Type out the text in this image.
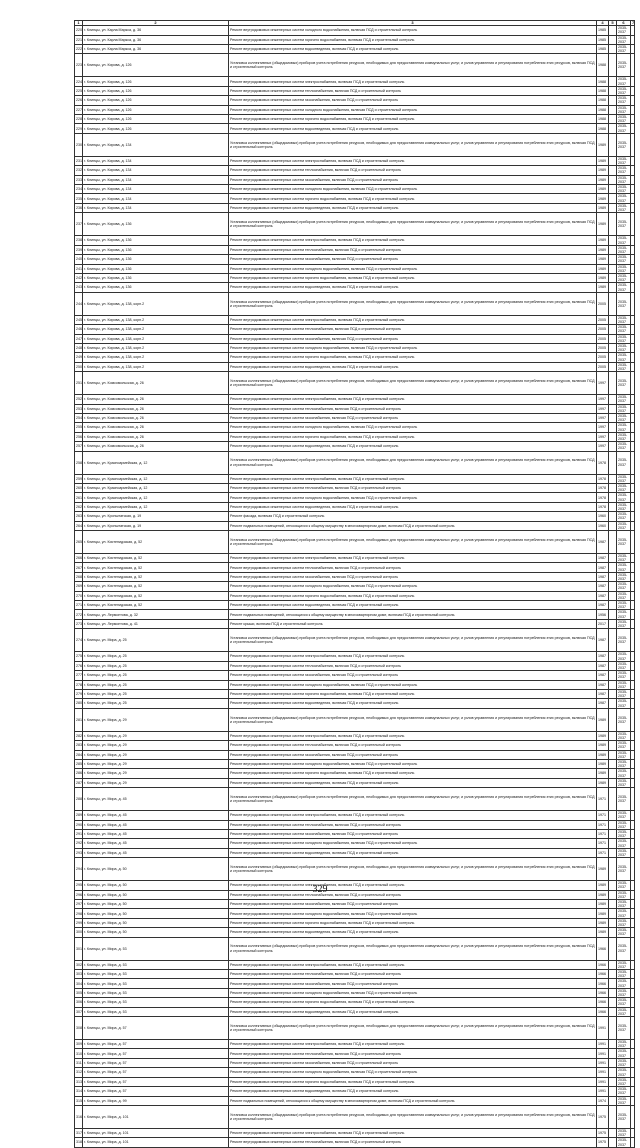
1	2	3	4	5	6	7
220	г. Клинцы, ул. Карла Маркса, д. 36	Ремонт внутридомовых инженерных систем холодного водоснабжения, включая ПСД и строительный контроль	1985		2035-2037	
221	г. Клинцы, ул. Карла Маркса, д. 36	Ремонт внутридомовых инженерных систем горячего водоснабжения, включая ПСД и строительный контроль	1985		2035-2037	
222	г. Клинцы, ул. Карла Маркса, д. 36	Ремонт внутридомовых инженерных систем водоотведения, включая ПСД и строительный контроль	1985		2035-2037	
223	г. Клинцы, ул. Кирова, д. 126	Установка коллективных (общедомовых) приборов учета потребления ресурсов, необходимых для предоставления коммунальных услуг, и узлов управления и регулирования потребления этих ресурсов, включая ПСД и строительный контроль	1988		2035-2037	
224	г. Клинцы, ул. Кирова, д. 126	Ремонт внутридомовых инженерных систем электроснабжения, включая ПСД и строительный контроль	1988		2035-2037	
225	г. Клинцы, ул. Кирова, д. 126	Ремонт внутридомовых инженерных систем теплоснабжения, включая ПСД и строительный контроль	1988		2035-2037	
226	г. Клинцы, ул. Кирова, д. 126	Ремонт внутридомовых инженерных систем газоснабжения, включая ПСД и строительный контроль	1988		2035-2037	
227	г. Клинцы, ул. Кирова, д. 126	Ремонт внутридомовых инженерных систем холодного водоснабжения, включая ПСД и строительный контроль	1988		2035-2037	
228	г. Клинцы, ул. Кирова, д. 126	Ремонт внутридомовых инженерных систем горячего водоснабжения, включая ПСД и строительный контроль	1988		2035-2037	
229	г. Клинцы, ул. Кирова, д. 126	Ремонт внутридомовых инженерных систем водоотведения, включая ПСД и строительный контроль	1988		2035-2037	
230	г. Клинцы, ул. Кирова, д. 134	Установка коллективных (общедомовых) приборов учета потребления ресурсов, необходимых для предоставления коммунальных услуг, и узлов управления и регулирования потребления этих ресурсов, включая ПСД и строительный контроль	1989		2035-2037	
231	г. Клинцы, ул. Кирова, д. 134	Ремонт внутридомовых инженерных систем электроснабжения, включая ПСД и строительный контроль	1989		2035-2037	
232	г. Клинцы, ул. Кирова, д. 134	Ремонт внутридомовых инженерных систем теплоснабжения, включая ПСД и строительный контроль	1989		2035-2037	
233	г. Клинцы, ул. Кирова, д. 134	Ремонт внутридомовых инженерных систем газоснабжения, включая ПСД и строительный контроль	1989		2035-2037	
234	г. Клинцы, ул. Кирова, д. 134	Ремонт внутридомовых инженерных систем холодного водоснабжения, включая ПСД и строительный контроль	1989		2035-2037	
235	г. Клинцы, ул. Кирова, д. 134	Ремонт внутридомовых инженерных систем горячего водоснабжения, включая ПСД и строительный контроль	1989		2035-2037	
236	г. Клинцы, ул. Кирова, д. 134	Ремонт внутридомовых инженерных систем водоотведения, включая ПСД и строительный контроль	1989		2035-2037	
237	г. Клинцы, ул. Кирова, д. 136	Установка коллективных (общедомовых) приборов учета потребления ресурсов, необходимых для предоставления коммунальных услуг, и узлов управления и регулирования потребления этих ресурсов, включая ПСД и строительный контроль	1989		2035-2037	
238	г. Клинцы, ул. Кирова, д. 136	Ремонт внутридомовых инженерных систем электроснабжения, включая ПСД и строительный контроль	1989		2035-2037	
239	г. Клинцы, ул. Кирова, д. 136	Ремонт внутридомовых инженерных систем теплоснабжения, включая ПСД и строительный контроль	1989		2035-2037	
240	г. Клинцы, ул. Кирова, д. 136	Ремонт внутридомовых инженерных систем газоснабжения, включая ПСД и строительный контроль	1989		2035-2037	
241	г. Клинцы, ул. Кирова, д. 136	Ремонт внутридомовых инженерных систем холодного водоснабжения, включая ПСД и строительный контроль	1989		2035-2037	
242	г. Клинцы, ул. Кирова, д. 136	Ремонт внутридомовых инженерных систем горячего водоснабжения, включая ПСД и строительный контроль	1989		2035-2037	
243	г. Клинцы, ул. Кирова, д. 136	Ремонт внутридомовых инженерных систем водоотведения, включая ПСД и строительный контроль	1989		2035-2037	
244	г. Клинцы, ул. Кирова, д. 138, корп.2	Установка коллективных (общедомовых) приборов учета потребления ресурсов, необходимых для предоставления коммунальных услуг, и узлов управления и регулирования потребления этих ресурсов, включая ПСД и строительный контроль	2005		2035-2037	
245	г. Клинцы, ул. Кирова, д. 138, корп.2	Ремонт внутридомовых инженерных систем электроснабжения, включая ПСД и строительный контроль	2005		2035-2037	
246	г. Клинцы, ул. Кирова, д. 138, корп.2	Ремонт внутридомовых инженерных систем теплоснабжения, включая ПСД и строительный контроль	2005		2035-2037	
247	г. Клинцы, ул. Кирова, д. 138, корп.2	Ремонт внутридомовых инженерных систем газоснабжения, включая ПСД и строительный контроль	2005		2035-2037	
248	г. Клинцы, ул. Кирова, д. 138, корп.2	Ремонт внутридомовых инженерных систем холодного водоснабжения, включая ПСД и строительный контроль	2005		2035-2037	
249	г. Клинцы, ул. Кирова, д. 138, корп.2	Ремонт внутридомовых инженерных систем горячего водоснабжения, включая ПСД и строительный контроль	2005		2035-2037	
250	г. Клинцы, ул. Кирова, д. 138, корп.2	Ремонт внутридомовых инженерных систем водоотведения, включая ПСД и строительный контроль	2005		2035-2037	
251	г. Клинцы, ул. Комсомольская, д. 26	Установка коллективных (общедомовых) приборов учета потребления ресурсов, необходимых для предоставления коммунальных услуг, и узлов управления и регулирования потребления этих ресурсов, включая ПСД и строительный контроль	1997		2035-2037	
252	г. Клинцы, ул. Комсомольская, д. 26	Ремонт внутридомовых инженерных систем электроснабжения, включая ПСД и строительный контроль	1997		2035-2037	
253	г. Клинцы, ул. Комсомольская, д. 26	Ремонт внутридомовых инженерных систем теплоснабжения, включая ПСД и строительный контроль	1997		2035-2037	
254	г. Клинцы, ул. Комсомольская, д. 26	Ремонт внутридомовых инженерных систем газоснабжения, включая ПСД и строительный контроль	1997		2035-2037	
255	г. Клинцы, ул. Комсомольская, д. 26	Ремонт внутридомовых инженерных систем холодного водоснабжения, включая ПСД и строительный контроль	1997		2035-2037	
256	г. Клинцы, ул. Комсомольская, д. 26	Ремонт внутридомовых инженерных систем горячего водоснабжения, включая ПСД и строительный контроль	1997		2035-2037	
257	г. Клинцы, ул. Комсомольская, д. 26	Ремонт внутридомовых инженерных систем водоотведения, включая ПСД и строительный контроль	1997		2035-2037	
258	г. Клинцы, ул. Красноармейская, д. 12	Установка коллективных (общедомовых) приборов учета потребления ресурсов, необходимых для предоставления коммунальных услуг, и узлов управления и регулирования потребления этих ресурсов, включая ПСД и строительный контроль	1978		2035-2037	
259	г. Клинцы, ул. Красноармейская, д. 12	Ремонт внутридомовых инженерных систем электроснабжения, включая ПСД и строительный контроль	1978		2035-2037	
260	г. Клинцы, ул. Красноармейская, д. 12	Ремонт внутридомовых инженерных систем теплоснабжения, включая ПСД и строительный контроль	1978		2035-2037	
261	г. Клинцы, ул. Красноармейская, д. 12	Ремонт внутридомовых инженерных систем холодного водоснабжения, включая ПСД и строительный контроль	1978		2035-2037	
262	г. Клинцы, ул. Красноармейская, д. 12	Ремонт внутридомовых инженерных систем водоотведения, включая ПСД и строительный контроль	1978		2035-2037	
263	г. Клинцы, ул. Кронштатская, д. 19	Ремонт фасада, включая ПСД и строительный контроль	1960		2035-2037	
264	г. Клинцы, ул. Кронштатская, д. 19	Ремонт подвальных помещений, относящихся к общему имуществу в многоквартирном доме, включая ПСД и строительный контроль	1960		2035-2037	
265	г. Клинцы, ул. Кистенидзская, д. 52	Установка коллективных (общедомовых) приборов учета потребления ресурсов, необходимых для предоставления коммунальных услуг, и узлов управления и регулирования потребления этих ресурсов, включая ПСД и строительный контроль	1987		2035-2037	
266	г. Клинцы, ул. Кистенидзская, д. 52	Ремонт внутридомовых инженерных систем электроснабжения, включая ПСД и строительный контроль	1987		2035-2037	
267	г. Клинцы, ул. Кистенидзская, д. 52	Ремонт внутридомовых инженерных систем теплоснабжения, включая ПСД и строительный контроль	1987		2035-2037	
268	г. Клинцы, ул. Кистенидзская, д. 52	Ремонт внутридомовых инженерных систем газоснабжения, включая ПСД и строительный контроль	1987		2035-2037	
269	г. Клинцы, ул. Кистенидзская, д. 52	Ремонт внутридомовых инженерных систем холодного водоснабжения, включая ПСД и строительный контроль	1987		2035-2037	
270	г. Клинцы, ул. Кистенидзская, д. 52	Ремонт внутридомовых инженерных систем горячего водоснабжения, включая ПСД и строительный контроль	1987		2035-2037	
271	г. Клинцы, ул. Кистенидзская, д. 52	Ремонт внутридомовых инженерных систем водоотведения, включая ПСД и строительный контроль	1987		2035-2037	
272	г. Клинцы, ул. Лермонтова, д. 32	Ремонт подвальных помещений, относящихся к общему имуществу в многоквартирном доме, включая ПСД и строительный контроль	1956		2035-2037	
273	г. Клинцы, ул. Лермонтова, д. 41	Ремонт крыши, включая ПСД и строительный контроль	2017		2035-2037	
274	г. Клинцы, ул. Мира, д. 25	Установка коллективных (общедомовых) приборов учета потребления ресурсов, необходимых для предоставления коммунальных услуг, и узлов управления и регулирования потребления этих ресурсов, включая ПСД и строительный контроль	1987		2035-2037	
275	г. Клинцы, ул. Мира, д. 25	Ремонт внутридомовых инженерных систем электроснабжения, включая ПСД и строительный контроль	1987		2035-2037	
276	г. Клинцы, ул. Мира, д. 25	Ремонт внутридомовых инженерных систем теплоснабжения, включая ПСД и строительный контроль	1987		2035-2037	
277	г. Клинцы, ул. Мира, д. 25	Ремонт внутридомовых инженерных систем газоснабжения, включая ПСД и строительный контроль	1987		2035-2037	
278	г. Клинцы, ул. Мира, д. 25	Ремонт внутридомовых инженерных систем холодного водоснабжения, включая ПСД и строительный контроль	1987		2035-2037	
279	г. Клинцы, ул. Мира, д. 25	Ремонт внутридомовых инженерных систем горячего водоснабжения, включая ПСД и строительный контроль	1987		2035-2037	
280	г. Клинцы, ул. Мира, д. 25	Ремонт внутридомовых инженерных систем водоотведения, включая ПСД и строительный контроль	1987		2035-2037	
281	г. Клинцы, ул. Мира, д. 29	Установка коллективных (общедомовых) приборов учета потребления ресурсов, необходимых для предоставления коммунальных услуг, и узлов управления и регулирования потребления этих ресурсов, включая ПСД и строительный контроль	1989		2035-2037	
282	г. Клинцы, ул. Мира, д. 29	Ремонт внутридомовых инженерных систем электроснабжения, включая ПСД и строительный контроль	1989		2035-2037	
283	г. Клинцы, ул. Мира, д. 29	Ремонт внутридомовых инженерных систем теплоснабжения, включая ПСД и строительный контроль	1989		2035-2037	
284	г. Клинцы, ул. Мира, д. 29	Ремонт внутридомовых инженерных систем газоснабжения, включая ПСД и строительный контроль	1989		2035-2037	
285	г. Клинцы, ул. Мира, д. 29	Ремонт внутридомовых инженерных систем холодного водоснабжения, включая ПСД и строительный контроль	1989		2035-2037	
286	г. Клинцы, ул. Мира, д. 29	Ремонт внутридомовых инженерных систем горячего водоснабжения, включая ПСД и строительный контроль	1989		2035-2037	
287	г. Клинцы, ул. Мира, д. 29	Ремонт внутридомовых инженерных систем водоотведения, включая ПСД и строительный контроль	1989		2035-2037	
288	г. Клинцы, ул. Мира, д. 45	Установка коллективных (общедомовых) приборов учета потребления ресурсов, необходимых для предоставления коммунальных услуг, и узлов управления и регулирования потребления этих ресурсов, включая ПСД и строительный контроль	1971		2035-2037	
289	г. Клинцы, ул. Мира, д. 45	Ремонт внутридомовых инженерных систем электроснабжения, включая ПСД и строительный контроль	1971		2035-2037	
290	г. Клинцы, ул. Мира, д. 45	Ремонт внутридомовых инженерных систем теплоснабжения, включая ПСД и строительный контроль	1971		2035-2037	
291	г. Клинцы, ул. Мира, д. 45	Ремонт внутридомовых инженерных систем газоснабжения, включая ПСД и строительный контроль	1971		2035-2037	
292	г. Клинцы, ул. Мира, д. 45	Ремонт внутридомовых инженерных систем холодного водоснабжения, включая ПСД и строительный контроль	1971		2035-2037	
293	г. Клинцы, ул. Мира, д. 45	Ремонт внутридомовых инженерных систем водоотведения, включая ПСД и строительный контроль	1971		2035-2037	
294	г. Клинцы, ул. Мира, д. 50	Установка коллективных (общедомовых) приборов учета потребления ресурсов, необходимых для предоставления коммунальных услуг, и узлов управления и регулирования потребления этих ресурсов, включая ПСД и строительный контроль	1989		2035-2037	
295	г. Клинцы, ул. Мира, д. 50	Ремонт внутридомовых инженерных систем электроснабжения, включая ПСД и строительный контроль	1989		2035-2037	
296	г. Клинцы, ул. Мира, д. 50	Ремонт внутридомовых инженерных систем теплоснабжения, включая ПСД и строительный контроль	1989		2035-2037	
297	г. Клинцы, ул. Мира, д. 50	Ремонт внутридомовых инженерных систем газоснабжения, включая ПСД и строительный контроль	1989		2035-2037	
298	г. Клинцы, ул. Мира, д. 50	Ремонт внутридомовых инженерных систем холодного водоснабжения, включая ПСД и строительный контроль	1989		2035-2037	
299	г. Клинцы, ул. Мира, д. 50	Ремонт внутридомовых инженерных систем горячего водоснабжения, включая ПСД и строительный контроль	1989		2035-2037	
300	г. Клинцы, ул. Мира, д. 50	Ремонт внутридомовых инженерных систем водоотведения, включая ПСД и строительный контроль	1989		2035-2037	
301	г. Клинцы, ул. Мира, д. 53	Установка коллективных (общедомовых) приборов учета потребления ресурсов, необходимых для предоставления коммунальных услуг, и узлов управления и регулирования потребления этих ресурсов, включая ПСД и строительный контроль	1966		2035-2037	
302	г. Клинцы, ул. Мира, д. 53	Ремонт внутридомовых инженерных систем электроснабжения, включая ПСД и строительный контроль	1966		2035-2037	
303	г. Клинцы, ул. Мира, д. 53	Ремонт внутридомовых инженерных систем теплоснабжения, включая ПСД и строительный контроль	1966		2035-2037	
304	г. Клинцы, ул. Мира, д. 53	Ремонт внутридомовых инженерных систем газоснабжения, включая ПСД и строительный контроль	1966		2035-2037	
305	г. Клинцы, ул. Мира, д. 53	Ремонт внутридомовых инженерных систем холодного водоснабжения, включая ПСД и строительный контроль	1966		2035-2037	
306	г. Клинцы, ул. Мира, д. 53	Ремонт внутридомовых инженерных систем горячего водоснабжения, включая ПСД и строительный контроль	1966		2035-2037	
307	г. Клинцы, ул. Мира, д. 53	Ремонт внутридомовых инженерных систем водоотведения, включая ПСД и строительный контроль	1966		2035-2037	
308	г. Клинцы, ул. Мира, д. 57	Установка коллективных (общедомовых) приборов учета потребления ресурсов, необходимых для предоставления коммунальных услуг, и узлов управления и регулирования потребления этих ресурсов, включая ПСД и строительный контроль	1991		2035-2037	
309	г. Клинцы, ул. Мира, д. 57	Ремонт внутридомовых инженерных систем электроснабжения, включая ПСД и строительный контроль	1991		2035-2037	
310	г. Клинцы, ул. Мира, д. 57	Ремонт внутридомовых инженерных систем теплоснабжения, включая ПСД и строительный контроль	1991		2035-2037	
311	г. Клинцы, ул. Мира, д. 57	Ремонт внутридомовых инженерных систем газоснабжения, включая ПСД и строительный контроль	1991		2035-2037	
312	г. Клинцы, ул. Мира, д. 57	Ремонт внутридомовых инженерных систем холодного водоснабжения, включая ПСД и строительный контроль	1991		2035-2037	
313	г. Клинцы, ул. Мира, д. 57	Ремонт внутридомовых инженерных систем горячего водоснабжения, включая ПСД и строительный контроль	1991		2035-2037	
314	г. Клинцы, ул. Мира, д. 57	Ремонт внутридомовых инженерных систем водоотведения, включая ПСД и строительный контроль	1991		2035-2037	
315	г. Клинцы, ул. Мира, д. 99	Ремонт подвальных помещений, относящихся к общему имуществу в многоквартирном доме, включая ПСД и строительный контроль	1974		2035-2037	
316	г. Клинцы, ул. Мира, д. 101	Установка коллективных (общедомовых) приборов учета потребления ресурсов, необходимых для предоставления коммунальных услуг, и узлов управления и регулирования потребления этих ресурсов, включая ПСД и строительный контроль	1975		2035-2037	
317	г. Клинцы, ул. Мира, д. 101	Ремонт внутридомовых инженерных систем электроснабжения, включая ПСД и строительный контроль	1975		2035-2037	
318	г. Клинцы, ул. Мира, д. 101	Ремонт внутридомовых инженерных систем теплоснабжения, включая ПСД и строительный контроль	1975		2035-2037	
329
